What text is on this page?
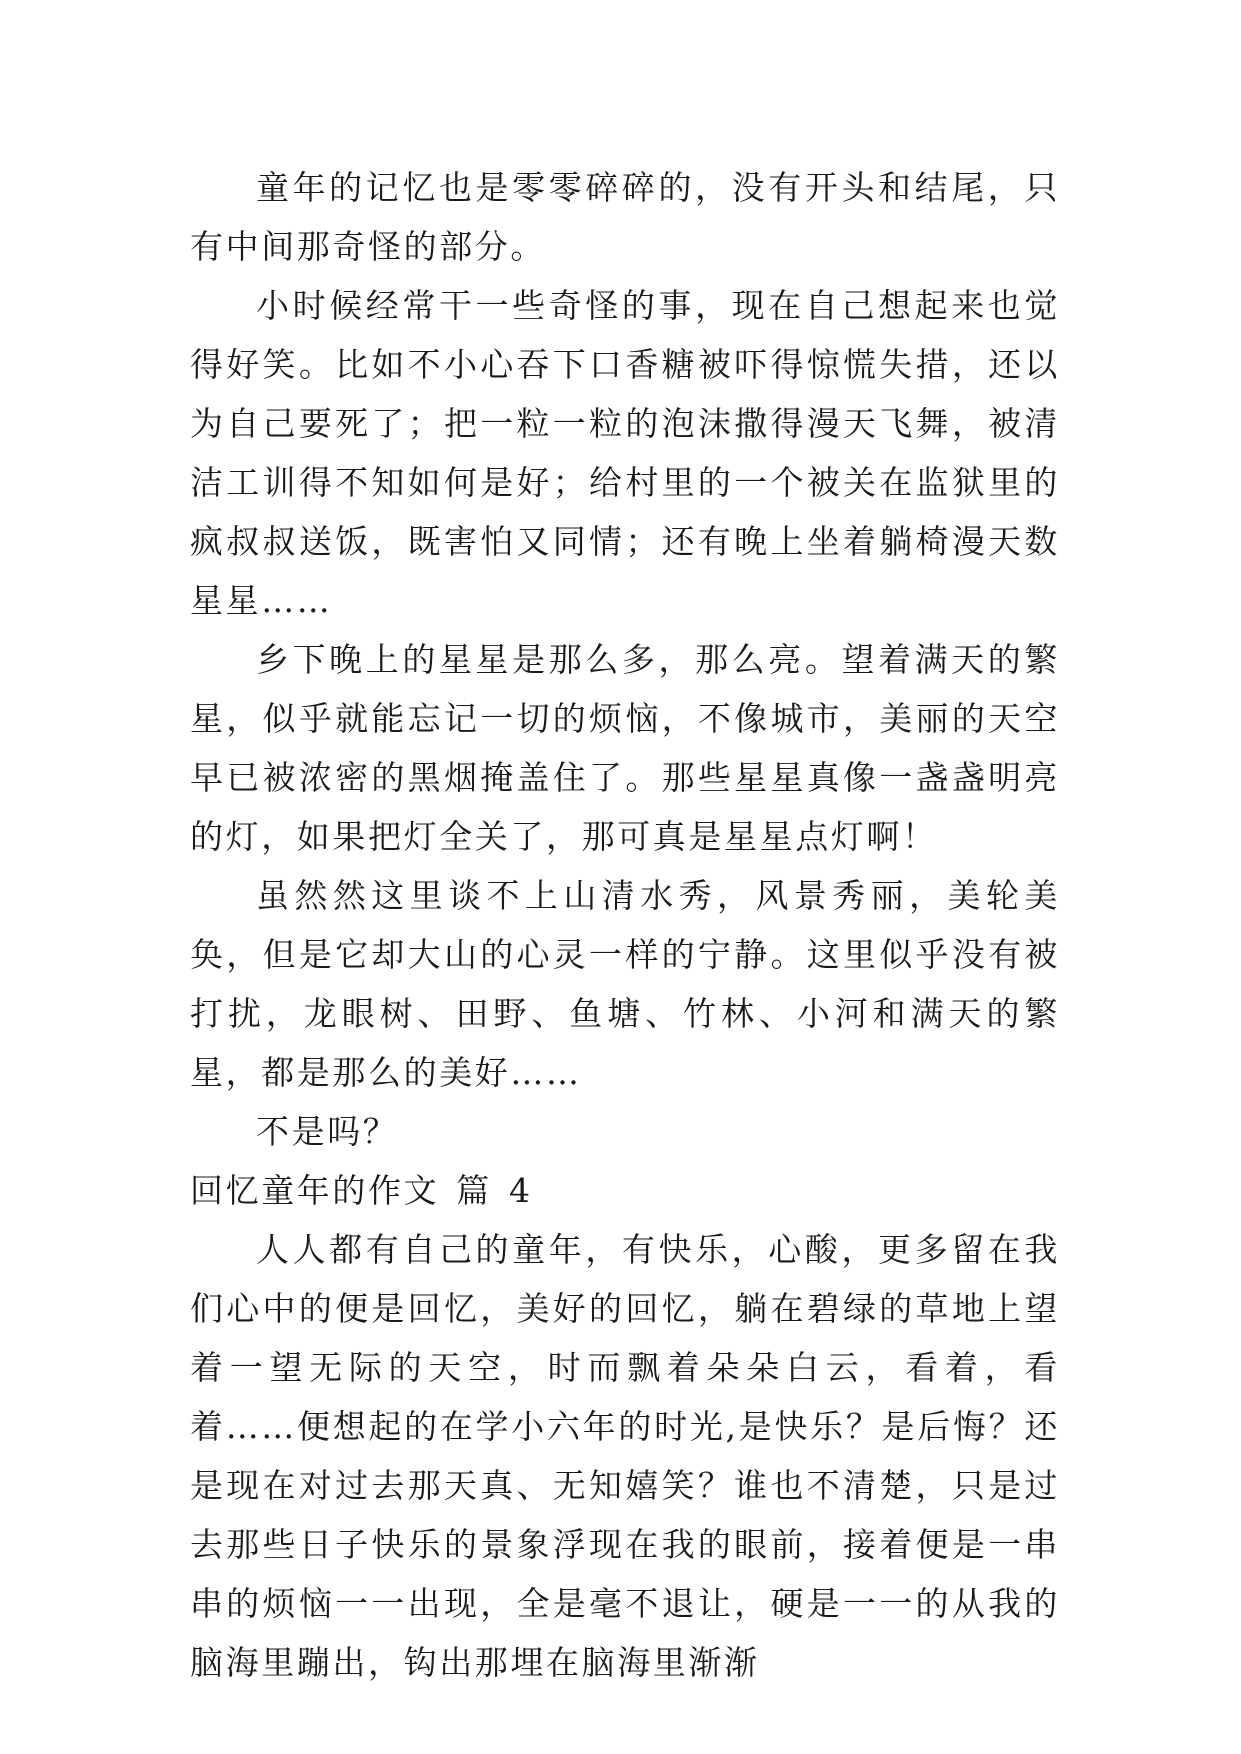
童年的记忆也是零零碎碎的，没有开头和结尾，只有中间那奇怪的部分。

小时候经常干一些奇怪的事，现在自己想起来也觉得好笑。比如不小心吞下口香糖被吓得惊慌失措，还以为自己要死了；把一粒一粒的泡沫撒得漫天飞舞，被清洁工训得不知如何是好；给村里的一个被关在监狱里的疯叔叔送饭，既害怕又同情；还有晚上坐着躺椅漫天数星星……

乡下晚上的星星是那么多，那么亮。望着满天的繁星，似乎就能忘记一切的烦恼，不像城市，美丽的天空早已被浓密的黑烟掩盖住了。那些星星真像一盏盏明亮的灯，如果把灯全关了，那可真是星星点灯啊！

虽然然这里谈不上山清水秀，风景秀丽，美轮美奂，但是它却大山的心灵一样的宁静。这里似乎没有被打扰，龙眼树、田野、鱼塘、竹林、小河和满天的繁星，都是那么的美好……

不是吗？

回忆童年的作文 篇 4

人人都有自己的童年，有快乐，心酸，更多留在我们心中的便是回忆，美好的回忆，躺在碧绿的草地上望着一望无际的天空，时而飘着朵朵白云，看着，看着……便想起的在学小六年的时光,是快乐？是后悔？还是现在对过去那天真、无知嬉笑？谁也不清楚，只是过去那些日子快乐的景象浮现在我的眼前，接着便是一串串的烦恼一一出现，全是毫不退让，硬是一一的从我的脑海里蹦出，钩出那埋在脑海里渐渐
